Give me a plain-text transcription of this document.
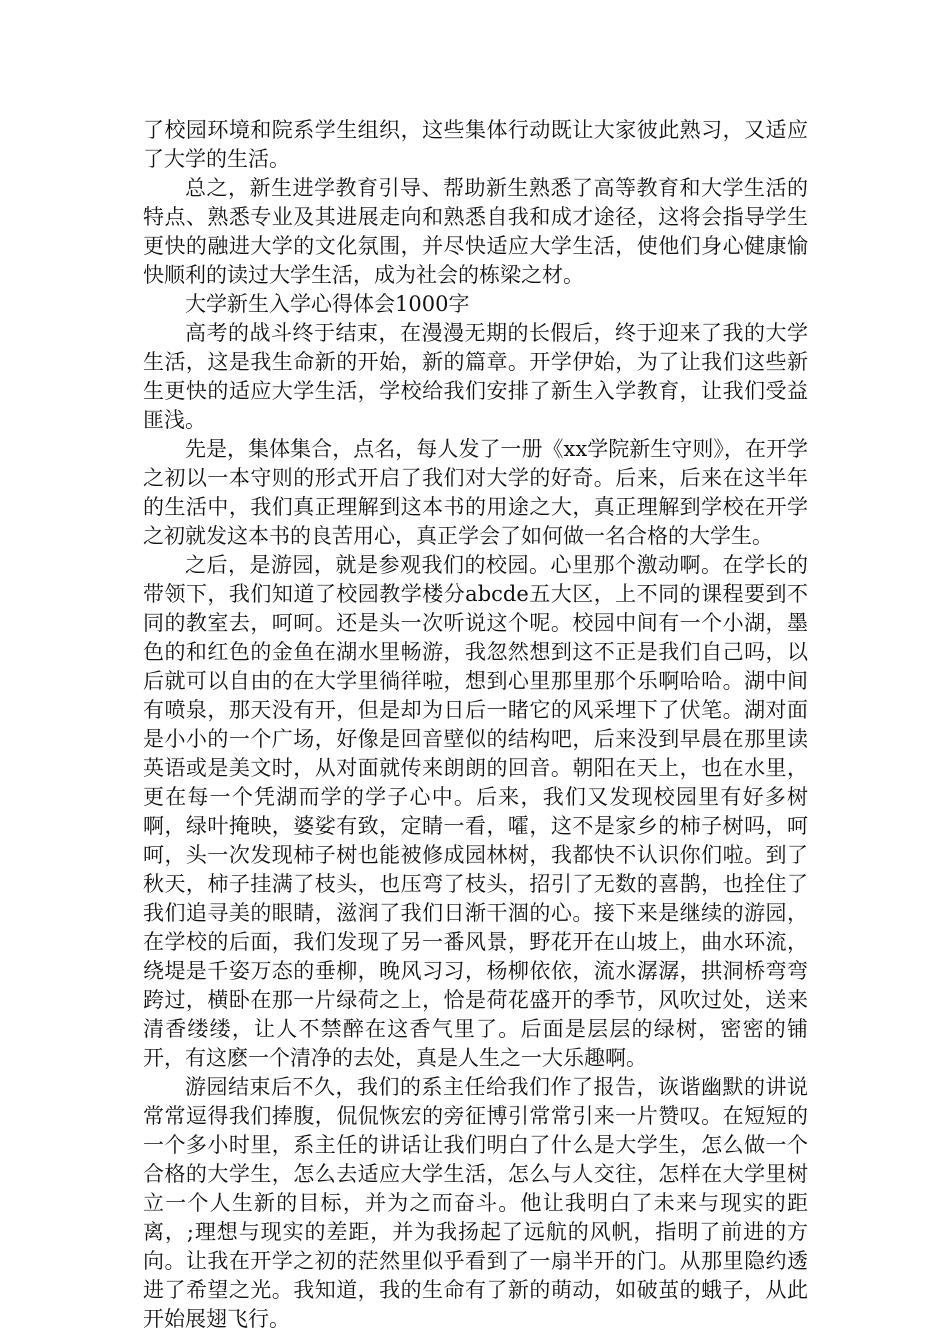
了校园环境和院系学生组织，这些集体行动既让大家彼此熟习，又适应了大学的生活。

总之，新生进学教育引导、帮助新生熟悉了高等教育和大学生活的特点、熟悉专业及其进展走向和熟悉自我和成才途径，这将会指导学生更快的融进大学的文化氛围，并尽快适应大学生活，使他们身心健康愉快顺利的读过大学生活，成为社会的栋梁之材。

大学新生入学心得体会1000字

高考的战斗终于结束，在漫漫无期的长假后，终于迎来了我的大学生活，这是我生命新的开始，新的篇章。开学伊始，为了让我们这些新生更快的适应大学生活，学校给我们安排了新生入学教育，让我们受益匪浅。

先是，集体集合，点名，每人发了一册《xx学院新生守则》，在开学之初以一本守则的形式开启了我们对大学的好奇。后来，后来在这半年的生活中，我们真正理解到这本书的用途之大，真正理解到学校在开学之初就发这本书的良苦用心，真正学会了如何做一名合格的大学生。

之后，是游园，就是参观我们的校园。心里那个激动啊。在学长的带领下，我们知道了校园教学楼分abcde五大区，上不同的课程要到不同的教室去，呵呵。还是头一次听说这个呢。校园中间有一个小湖，墨色的和红色的金鱼在湖水里畅游，我忽然想到这不正是我们自己吗，以后就可以自由的在大学里徜徉啦，想到心里那里那个乐啊哈哈。湖中间有喷泉，那天没有开，但是却为日后一睹它的风采埋下了伏笔。湖对面是小小的一个广场，好像是回音壁似的结构吧，后来没到早晨在那里读英语或是美文时，从对面就传来朗朗的回音。朝阳在天上，也在水里，更在每一个凭湖而学的学子心中。后来，我们又发现校园里有好多树啊，绿叶掩映，婆娑有致，定睛一看，嚯，这不是家乡的柿子树吗，呵呵，头一次发现柿子树也能被修成园林树，我都快不认识你们啦。到了秋天，柿子挂满了枝头，也压弯了枝头，招引了无数的喜鹊，也拴住了我们追寻美的眼睛，滋润了我们日渐干涸的心。接下来是继续的游园，在学校的后面，我们发现了另一番风景，野花开在山坡上，曲水环流，绕堤是千姿万态的垂柳，晚风习习，杨柳依依，流水潺潺，拱洞桥弯弯跨过，横卧在那一片绿荷之上，恰是荷花盛开的季节，风吹过处，送来清香缕缕，让人不禁醉在这香气里了。后面是层层的绿树，密密的铺开，有这麽一个清净的去处，真是人生之一大乐趣啊。

游园结束后不久，我们的系主任给我们作了报告，诙谐幽默的讲说常常逗得我们捧腹，侃侃恢宏的旁征博引常常引来一片赞叹。在短短的一个多小时里，系主任的讲话让我们明白了什么是大学生，怎么做一个合格的大学生，怎么去适应大学生活，怎么与人交往，怎样在大学里树立一个人生新的目标，并为之而奋斗。他让我明白了未来与现实的距离，;理想与现实的差距，并为我扬起了远航的风帆，指明了前进的方向。让我在开学之初的茫然里似乎看到了一扇半开的门。从那里隐约透进了希望之光。我知道，我的生命有了新的萌动，如破茧的蛾子，从此开始展翅飞行。
